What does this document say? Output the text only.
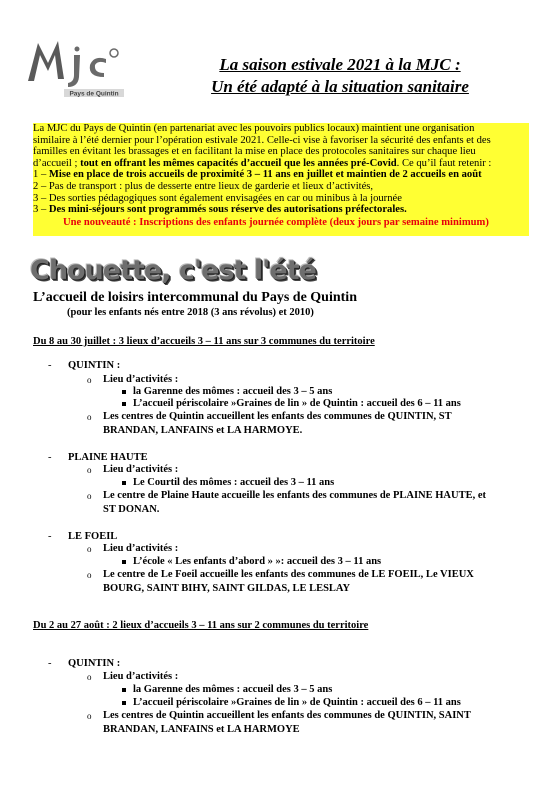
Pays de Quintin
La saison estivale 2021 à la MJC :
Un été adapté à la situation sanitaire
La MJC du Pays de Quintin (en partenariat avec les pouvoirs publics locaux) maintient une organisation
similaire à l’été dernier pour l’opération estivale 2021. Celle-ci vise à favoriser la sécurité des enfants et des
familles en évitant les brassages et en facilitant la mise en place des protocoles sanitaires sur chaque lieu
d’accueil ; tout en offrant les mêmes capacités d’accueil que les années pré-Covid. Ce qu’il faut retenir :
1 – Mise en place de trois accueils de proximité 3 – 11 ans en juillet et maintien de 2 accueils en août
2 – Pas de transport : plus de desserte entre lieux de garderie et lieux d’activités,
3 – Des sorties pédagogiques sont également envisagées en car ou minibus à la journée
3 – Des mini-séjours sont programmés sous réserve des autorisations préfectorales.
Une nouveauté : Inscriptions des enfants journée complète (deux jours par semaine minimum)
Chouette, c'est l'été
L’accueil de loisirs intercommunal du Pays de Quintin
(pour les enfants nés entre 2018 (3 ans révolus) et 2010)
Du 8 au 30 juillet : 3 lieux d’accueils 3 – 11 ans sur 3 communes du territoire
- QUINTIN :
o Lieu d’activités :
la Garenne des mômes : accueil des 3 – 5 ans
L’accueil périscolaire »Graines de lin » de Quintin : accueil des 6 – 11 ans
o Les centres de Quintin accueillent les enfants des communes de QUINTIN, ST
BRANDAN, LANFAINS et LA HARMOYE.
- PLAINE HAUTE
o Lieu d’activités :
Le Courtil des mômes : accueil des 3 – 11 ans
o Le centre de Plaine Haute accueille les enfants des communes de PLAINE HAUTE, et
ST DONAN.
- LE FOEIL
o Lieu d’activités :
L’école « Les enfants d’abord » »: accueil des 3 – 11 ans
o Le centre de Le Foeil accueille les enfants des communes de LE FOEIL, Le VIEUX
BOURG, SAINT BIHY, SAINT GILDAS, LE LESLAY
Du 2 au 27 août : 2 lieux d’accueils 3 – 11 ans sur 2 communes du territoire
- QUINTIN :
o Lieu d’activités :
la Garenne des mômes : accueil des 3 – 5 ans
L’accueil périscolaire »Graines de lin » de Quintin : accueil des 6 – 11 ans
o Les centres de Quintin accueillent les enfants des communes de QUINTIN, SAINT
BRANDAN, LANFAINS et LA HARMOYE
